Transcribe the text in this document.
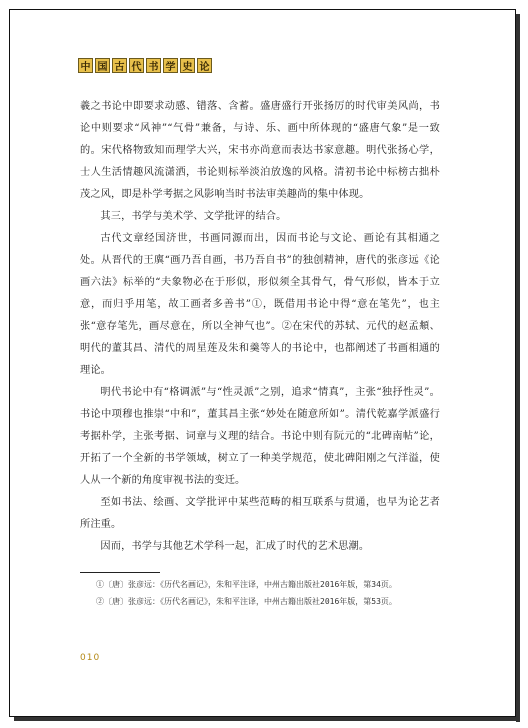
中 国 古 代 书 学 史 论

羲之书论中即要求动感、错落、含蓄。盛唐盛行开张扬厉的时代审美风尚，书论中则要求“风神”“气骨”兼备，与诗、乐、画中所体现的“盛唐气象”是一致的。宋代格物致知而理学大兴，宋书亦尚意而表达书家意趣。明代张扬心学，士人生活情趣风流潇洒，书论则标举淡泊放逸的风格。清初书论中标榜古拙朴茂之风，即是朴学考据之风影响当时书法审美趣尚的集中体现。

其三，书学与美术学、文学批评的结合。

古代文章经国济世，书画同源而出，因而书论与文论、画论有其相通之处。从晋代的王廙“画乃吾自画，书乃吾自书”的独创精神，唐代的张彦远《论画六法》标举的“夫象物必在于形似，形似须全其骨气，骨气形似，皆本于立意，而归乎用笔，故工画者多善书”①，既借用书论中得“意在笔先”，也主张“意存笔先，画尽意在，所以全神气也”。②在宋代的苏轼、元代的赵孟頫、明代的董其昌、清代的周星莲及朱和羹等人的书论中，也都阐述了书画相通的理论。

明代书论中有“格调派”与“性灵派”之别，追求“情真”，主张“独抒性灵”。书论中项穆也推崇“中和”，董其昌主张“妙处在随意所如”。清代乾嘉学派盛行考据朴学，主张考据、词章与义理的结合。书论中则有阮元的“北碑南帖”论，开拓了一个全新的书学领域，树立了一种美学规范，使北碑阳刚之气洋溢，使人从一个新的角度审视书法的变迁。

至如书法、绘画、文学批评中某些范畴的相互联系与贯通，也早为论艺者所注重。

因而，书学与其他艺术学科一起，汇成了时代的艺术思潮。

①〔唐〕张彦远：《历代名画记》，朱和平注译，中州古籍出版社2016年版，第34页。

②〔唐〕张彦远：《历代名画记》，朱和平注译，中州古籍出版社2016年版，第53页。

010
